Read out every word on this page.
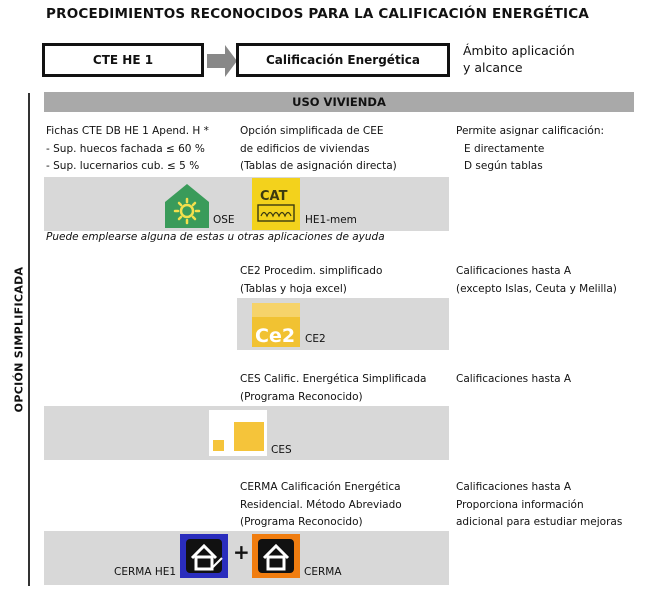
PROCEDIMIENTOS RECONOCIDOS PARA LA CALIFICACIÓN ENERGÉTICA
CTE HE 1	Calificación Energética
Ámbito aplicación
y alcance
OPCIÓN SIMPLIFICADA
USO VIVIENDA
Fichas CTE DB HE 1 Apend. H *
- Sup. huecos fachada ≤ 60 %
- Sup. lucernarios cub. ≤ 5 %
Opción simplificada de CEE
de edificios de viviendas
(Tablas de asignación directa)
Permite asignar calificación:
E directamente
D según tablas
OSE
CAT
HE1-mem
Puede emplearse alguna de estas u otras aplicaciones de ayuda
CE2 Procedim. simplificado
(Tablas y hoja excel)
Calificaciones hasta A
(excepto Islas, Ceuta y Melilla)
Ce2 CE2
CES Calific. Energética Simplificada
(Programa Reconocido)
Calificaciones hasta A
CES
CERMA Calificación Energética
Residencial. Método Abreviado
(Programa Reconocido)
Calificaciones hasta A
Proporciona información
adicional para estudiar mejoras
CERMA HE1
+
CERMA
